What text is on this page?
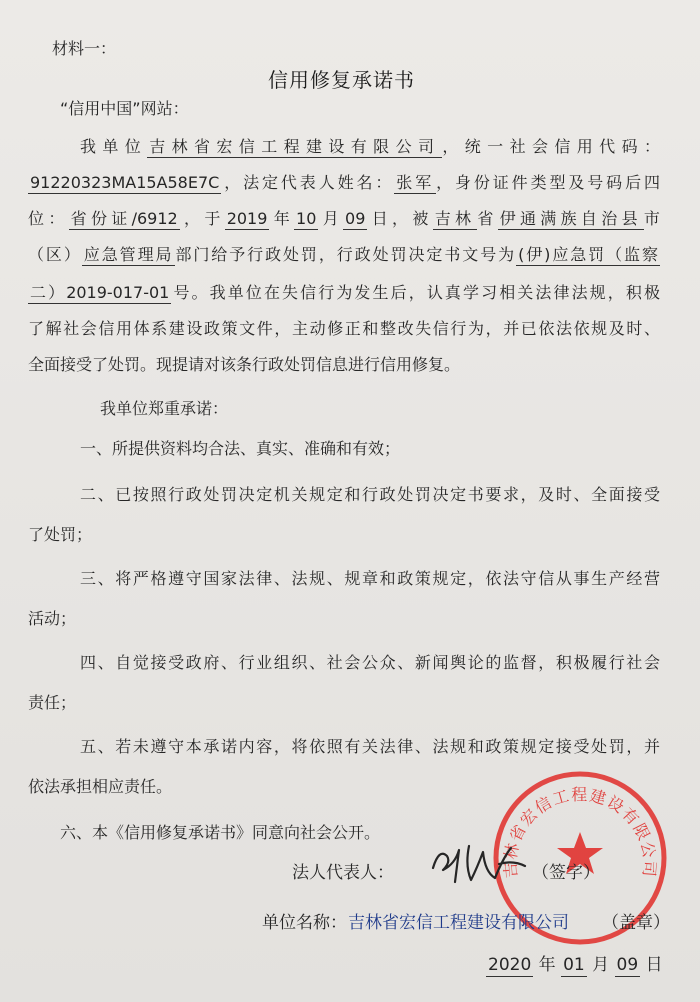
材料一：
信用修复承诺书
“信用中国”网站：
我单位 吉林省宏信工程建设有限公司 ，统一社会信用代码：
91220323MA15A58E7C ，法定代表人姓名： 张军 ，身份证件类型及号码后四
位： 省份证/6912 ，于 2019 年 10 月 09 日，被 吉林 省 伊通满族自治县 市
（区） 应急管理局 部门给予行政处罚，行政处罚决定书文号为 (伊)应急罚（监察
二）2019-017-01 号。我单位在失信行为发生后，认真学习相关法律法规，积极
了解社会信用体系建设政策文件，主动修正和整改失信行为，并已依法依规及时、
全面接受了处罚。现提请对该条行政处罚信息进行信用修复。
我单位郑重承诺：
一、所提供资料均合法、真实、准确和有效；
二、已按照行政处罚决定机关规定和行政处罚决定书要求，及时、全面接受
了处罚；
三、将严格遵守国家法律、法规、规章和政策规定，依法守信从事生产经营
活动；
四、自觉接受政府、行业组织、社会公众、新闻舆论的监督，积极履行社会
责任；
五、若未遵守本承诺内容，将依照有关法律、法规和政策规定接受处罚，并
依法承担相应责任。
六、本《信用修复承诺书》同意向社会公开。
吉林省宏信工程建设有限公司
法人代表人：	（签字）
单位名称： 吉林省宏信工程建设有限公司 （盖章）
2020 年 01 月 09 日
